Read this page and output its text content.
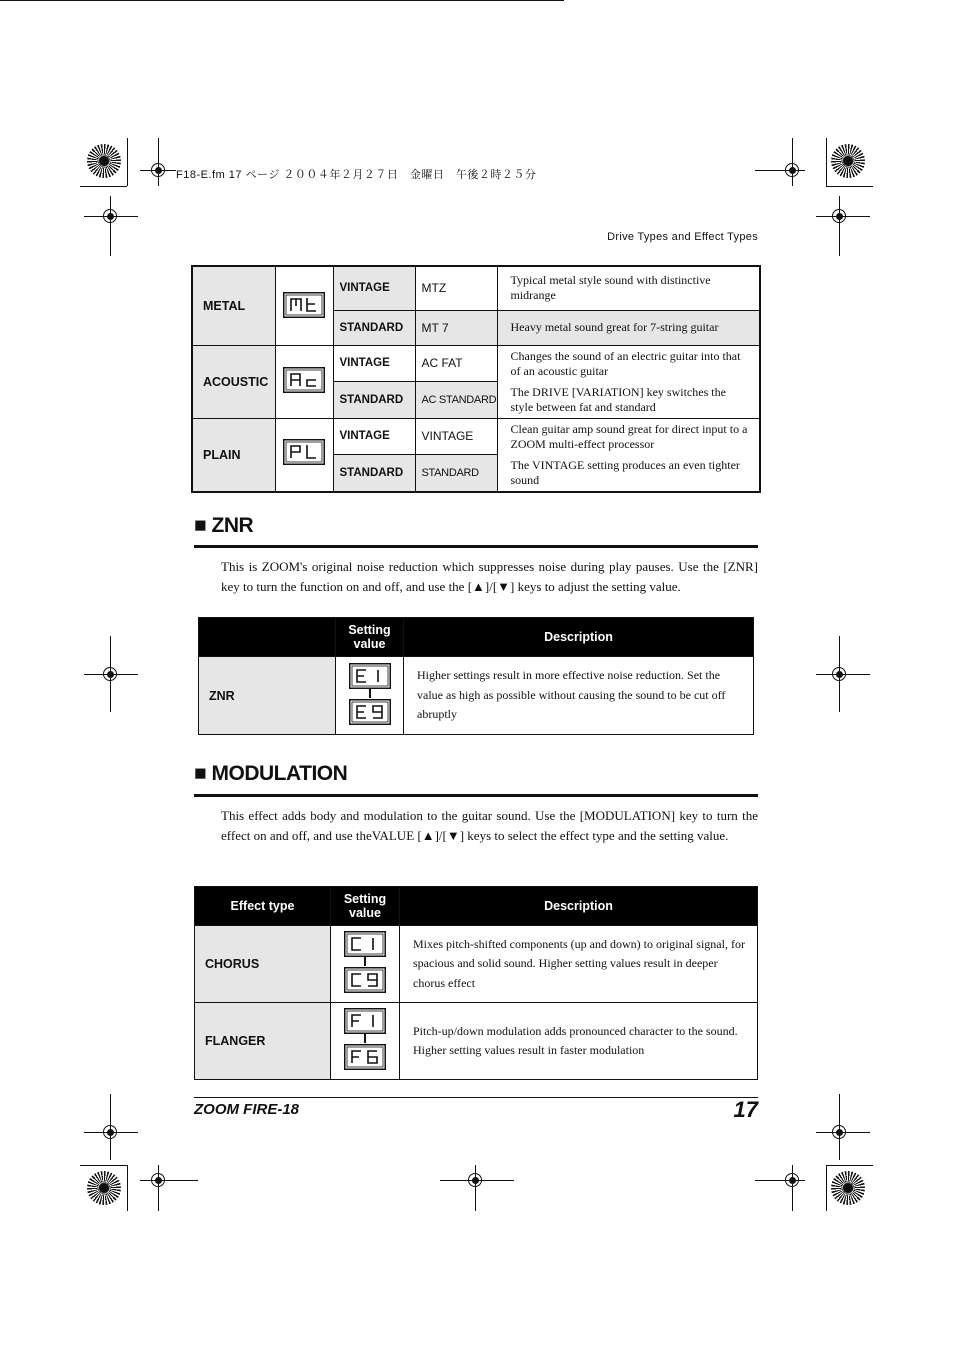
F18-E.fm 17 ページ ２００４年２月２７日　金曜日　午後２時２５分
Drive Types and Effect Types
METAL		VINTAGE	MTZ	Typical metal style sound with distinctive midrange
		STANDARD	MT 7	Heavy metal sound great for 7-string guitar
ACOUSTIC		VINTAGE	AC FAT	Changes the sound of an electric guitar into that of an acoustic guitar
		STANDARD	AC STANDARD	The DRIVE [VARIATION] key switches the style between fat and standard
PLAIN		VINTAGE	VINTAGE	Clean guitar amp sound great for direct input to a ZOOM multi-effect processor
		STANDARD	STANDARD	The VINTAGE setting produces an even tighter sound
■ ZNR
This is ZOOM's original noise reduction which suppresses noise during play pauses. Use the [ZNR] key to turn the function on and off, and use the [▲]/[▼] keys to adjust the setting value.
	Setting value	Description
ZNR		Higher settings result in more effective noise reduction. Set the value as high as possible without causing the sound to be cut off abruptly
■ MODULATION
This effect adds body and modulation to the guitar sound. Use the [MODULATION] key to turn the effect on and off, and use theVALUE [▲]/[▼] keys to select the effect type and the setting value.
Effect type	Setting value	Description
CHORUS		Mixes pitch-shifted components (up and down) to original signal, for spacious and solid sound. Higher setting values result in deeper chorus effect
FLANGER		Pitch-up/down modulation adds pronounced character to the sound. Higher setting values result in faster modulation
ZOOM FIRE-18	17
